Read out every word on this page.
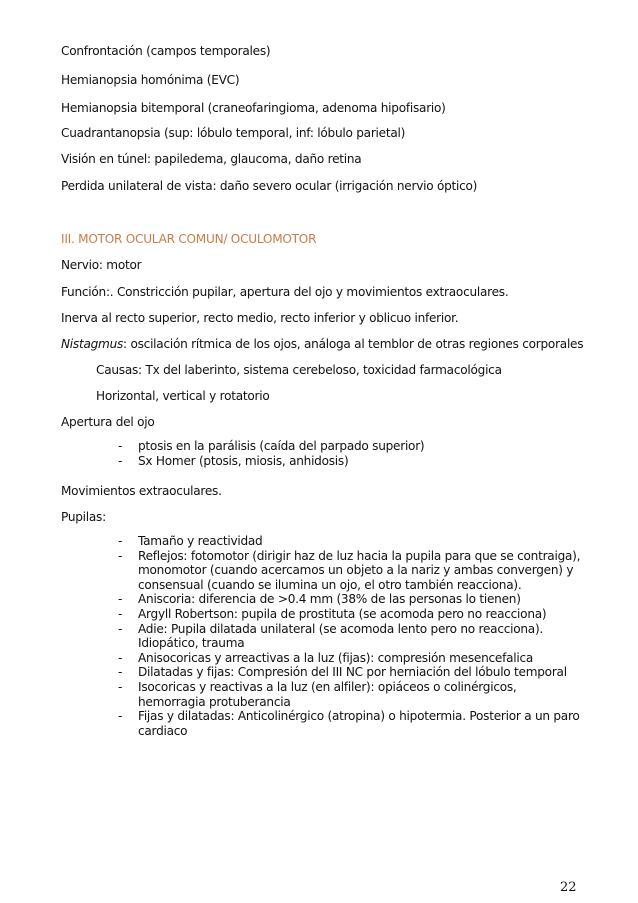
Confrontación (campos temporales)
Hemianopsia homónima (EVC)
Hemianopsia bitemporal (craneofaringioma, adenoma hipofisario)
Cuadrantanopsia (sup: lóbulo temporal, inf: lóbulo parietal)
Visión en túnel: papiledema, glaucoma, daño retina
Perdida unilateral de vista: daño severo ocular (irrigación nervio óptico)
III. MOTOR OCULAR COMUN/ OCULOMOTOR
Nervio: motor
Función:. Constricción pupilar, apertura del ojo y movimientos extraoculares.
Inerva al recto superior, recto medio, recto inferior y oblicuo inferior.
Nistagmus: oscilación rítmica de los ojos, análoga al temblor de otras regiones corporales
Causas: Tx del laberinto, sistema cerebeloso, toxicidad farmacológica
Horizontal, vertical y rotatorio
Apertura del ojo
- ptosis en la parálisis (caída del parpado superior)
- Sx Homer (ptosis, miosis, anhidosis)
Movimientos extraoculares.
Pupilas:
- Tamaño y reactividad
- Reflejos: fotomotor (dirigir haz de luz hacia la pupila para que se contraiga),
monomotor (cuando acercamos un objeto a la nariz y ambas convergen) y
consensual (cuando se ilumina un ojo, el otro también reacciona).
- Aniscoria: diferencia de >0.4 mm (38% de las personas lo tienen)
- Argyll Robertson: pupila de prostituta (se acomoda pero no reacciona)
- Adie: Pupila dilatada unilateral (se acomoda lento pero no reacciona).
Idiopático, trauma
- Anisocoricas y arreactivas a la luz (fijas): compresión mesencefalica
- Dilatadas y fijas: Compresión del III NC por herniación del lóbulo temporal
- Isocoricas y reactivas a la luz (en alfiler): opiáceos o colinérgicos,
hemorragia protuberancia
- Fijas y dilatadas: Anticolinérgico (atropina) o hipotermia. Posterior a un paro
cardiaco
22
